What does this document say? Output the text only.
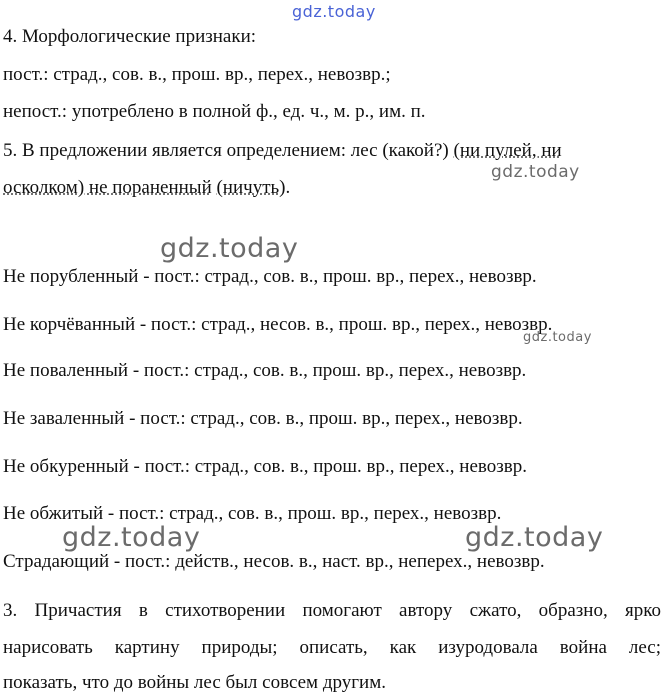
gdz.today
4. Морфологические признаки:
пост.: страд., сов. в., прош. вр., перех., невозвр.;
непост.: употреблено в полной ф., ед. ч., м. р., им. п.
5. В предложении является определением: лес (какой?) (ни пулей, ни
осколком) не пораненный (ничуть).
Не порубленный - пост.: страд., сов. в., прош. вр., перех., невозвр.
Не корчёванный - пост.: страд., несов. в., прош. вр., перех., невозвр.
Не поваленный - пост.: страд., сов. в., прош. вр., перех., невозвр.
Не заваленный - пост.: страд., сов. в., прош. вр., перех., невозвр.
Не обкуренный - пост.: страд., сов. в., прош. вр., перех., невозвр.
Не обжитый - пост.: страд., сов. в., прош. вр., перех., невозвр.
Страдающий - пост.: действ., несов. в., наст. вр., неперех., невозвр.
3. Причастия в стихотворении помогают автору сжато, образно, ярко
нарисовать картину природы; описать, как изуродовала война лес;
показать, что до войны лес был совсем другим.
gdz.today
gdz.today
gdz.today
gdz.today	gdz.today
